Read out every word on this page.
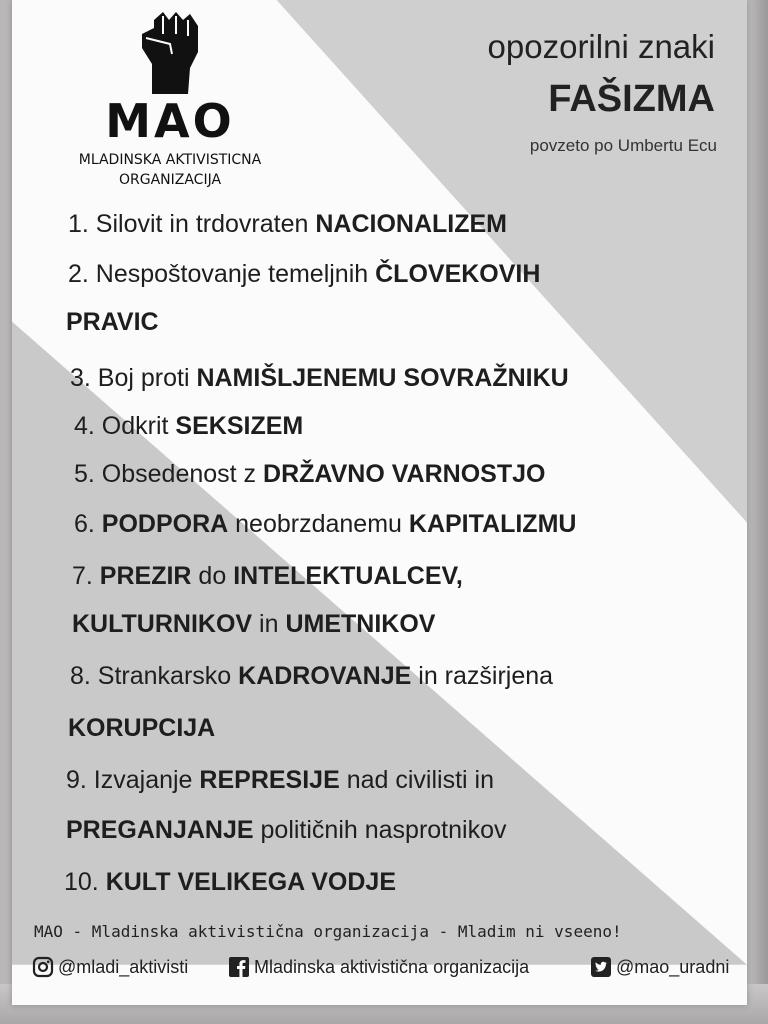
MAO
MLADINSKA AKTIVISTICNA
ORGANIZACIJA
opozorilni znaki
FAŠIZMA
povzeto po Umbertu Ecu
1. Silovit in trdovraten NACIONALIZEM
2. Nespoštovanje temeljnih ČLOVEKOVIH
PRAVIC
3. Boj proti NAMIŠLJENEMU SOVRAŽNIKU
4. Odkrit SEKSIZEM
5. Obsedenost z DRŽAVNO VARNOSTJO
6. PODPORA neobrzdanemu KAPITALIZMU
7. PREZIR do INTELEKTUALCEV,
KULTURNIKOV in UMETNIKOV
8. Strankarsko KADROVANJE in razširjena
KORUPCIJA
9. Izvajanje REPRESIJE nad civilisti in
PREGANJANJE političnih nasprotnikov
10. KULT VELIKEGA VODJE
MAO - Mladinska aktivistična organizacija - Mladim ni vseeno!
@mladi_aktivisti	Mladinska aktivistična organizacija	@mao_uradni
